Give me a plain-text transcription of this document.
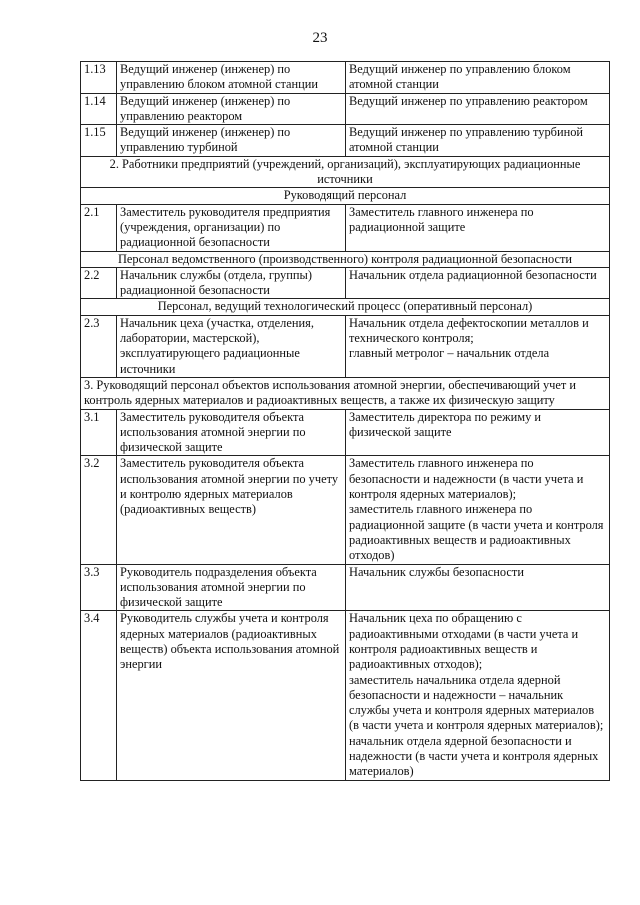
23
1.13	Ведущий инженер (инженер) по управлению блоком атомной станции	Ведущий инженер по управлению блоком атомной станции
1.14	Ведущий инженер (инженер) по управлению реактором	Ведущий инженер по управлению реактором
1.15	Ведущий инженер (инженер) по управлению турбиной	Ведущий инженер по управлению турбиной атомной станции
2. Работники предприятий (учреждений, организаций), эксплуатирующих радиационные источники		
Руководящий персонал		
2.1	Заместитель руководителя предприятия (учреждения, организации) по радиационной безопасности	Заместитель главного инженера по радиационной защите
Персонал ведомственного (производственного) контроля радиационной безопасности		
2.2	Начальник службы (отдела, группы) радиационной безопасности	Начальник отдела радиационной безопасности
Персонал, ведущий технологический процесс (оперативный персонал)		
2.3	Начальник цеха (участка, отделения, лаборатории, мастерской), эксплуатирующего радиационные источники	Начальник отдела дефектоскопии металлов и технического контроля;
главный метролог – начальник отдела

3. Руководящий персонал объектов использования атомной энергии, обеспечивающий учет и контроль ядерных материалов и радиоактивных веществ, а также их физическую защиту		
3.1	Заместитель руководителя объекта использования атомной энергии по физической защите	Заместитель директора по режиму и физической защите
3.2	Заместитель руководителя объекта использования атомной энергии по учету и контролю ядерных материалов (радиоактивных веществ)	Заместитель главного инженера по безопасности и надежности (в части учета и контроля ядерных материалов);
заместитель главного инженера по радиационной защите (в части учета и контроля радиоактивных веществ и радиоактивных отходов)

3.3	Руководитель подразделения объекта использования атомной энергии по физической защите	Начальник службы безопасности
3.4	Руководитель службы учета и контроля ядерных материалов (радиоактивных веществ) объекта использования атомной энергии	Начальник цеха по обращению с радиоактивными отходами (в части учета и контроля радиоактивных веществ и радиоактивных отходов);
заместитель начальника отдела ядерной безопасности и надежности – начальник службы учета и контроля ядерных материалов (в части учета и контроля ядерных материалов);
начальник отдела ядерной безопасности и надежности (в части учета и контроля ядерных материалов)
